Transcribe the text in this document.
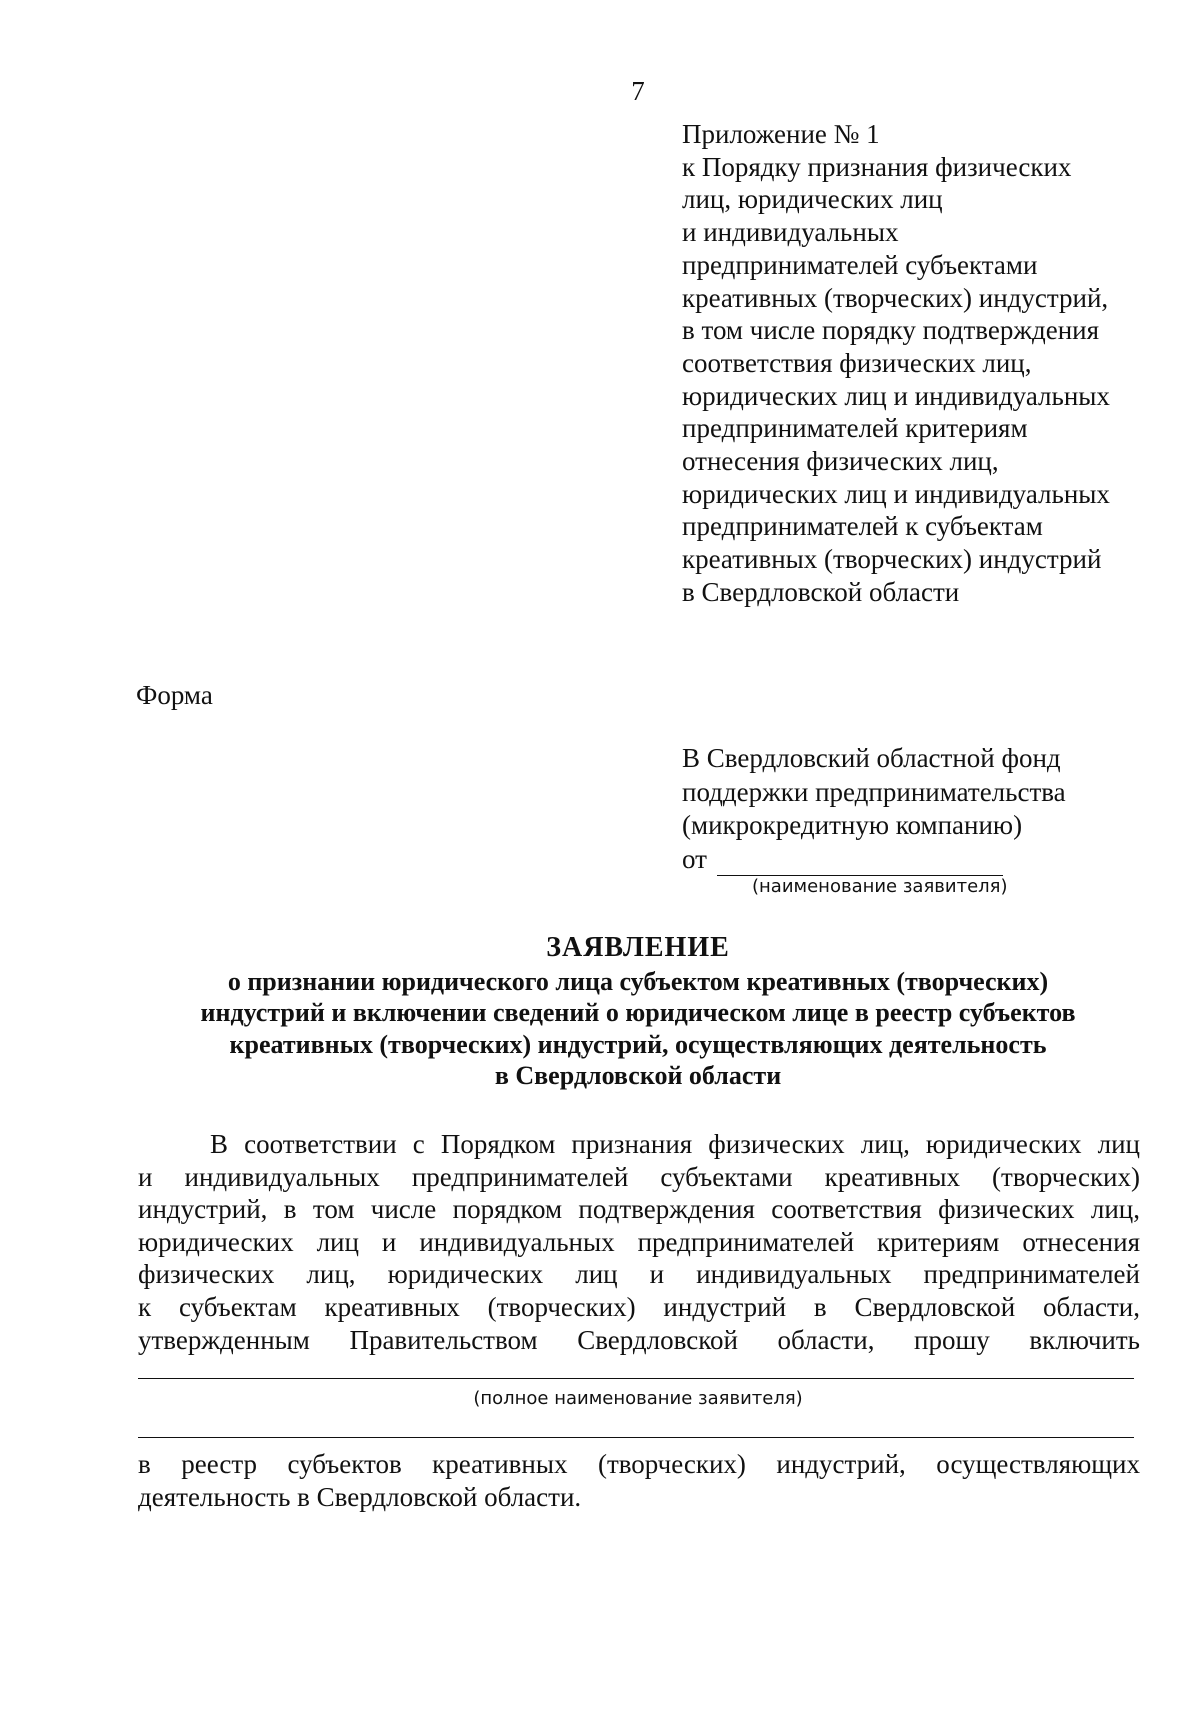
7
Приложение № 1
к Порядку признания физических
лиц, юридических лиц
и индивидуальных
предпринимателей субъектами
креативных (творческих) индустрий,
в том числе порядку подтверждения
соответствия физических лиц,
юридических лиц и индивидуальных
предпринимателей критериям
отнесения физических лиц,
юридических лиц и индивидуальных
предпринимателей к субъектам
креативных (творческих) индустрий
в Свердловской области
Форма
В Свердловский областной фонд
поддержки предпринимательства
(микрокредитную компанию)
от
(наименование заявителя)
ЗАЯВЛЕНИЕ
о признании юридического лица субъектом креативных (творческих)
индустрий и включении сведений о юридическом лице в реестр субъектов
креативных (творческих) индустрий, осуществляющих деятельность
в Свердловской области
В соответствии с Порядком признания физических лиц, юридических лиц
и индивидуальных предпринимателей субъектами креативных (творческих)
индустрий, в том числе порядком подтверждения соответствия физических лиц,
юридических лиц и индивидуальных предпринимателей критериям отнесения
физических лиц, юридических лиц и индивидуальных предпринимателей
к субъектам креативных (творческих) индустрий в Свердловской области,
утвержденным Правительством Свердловской области, прошу включить
(полное наименование заявителя)
в реестр субъектов креативных (творческих) индустрий, осуществляющих
деятельность в Свердловской области.
